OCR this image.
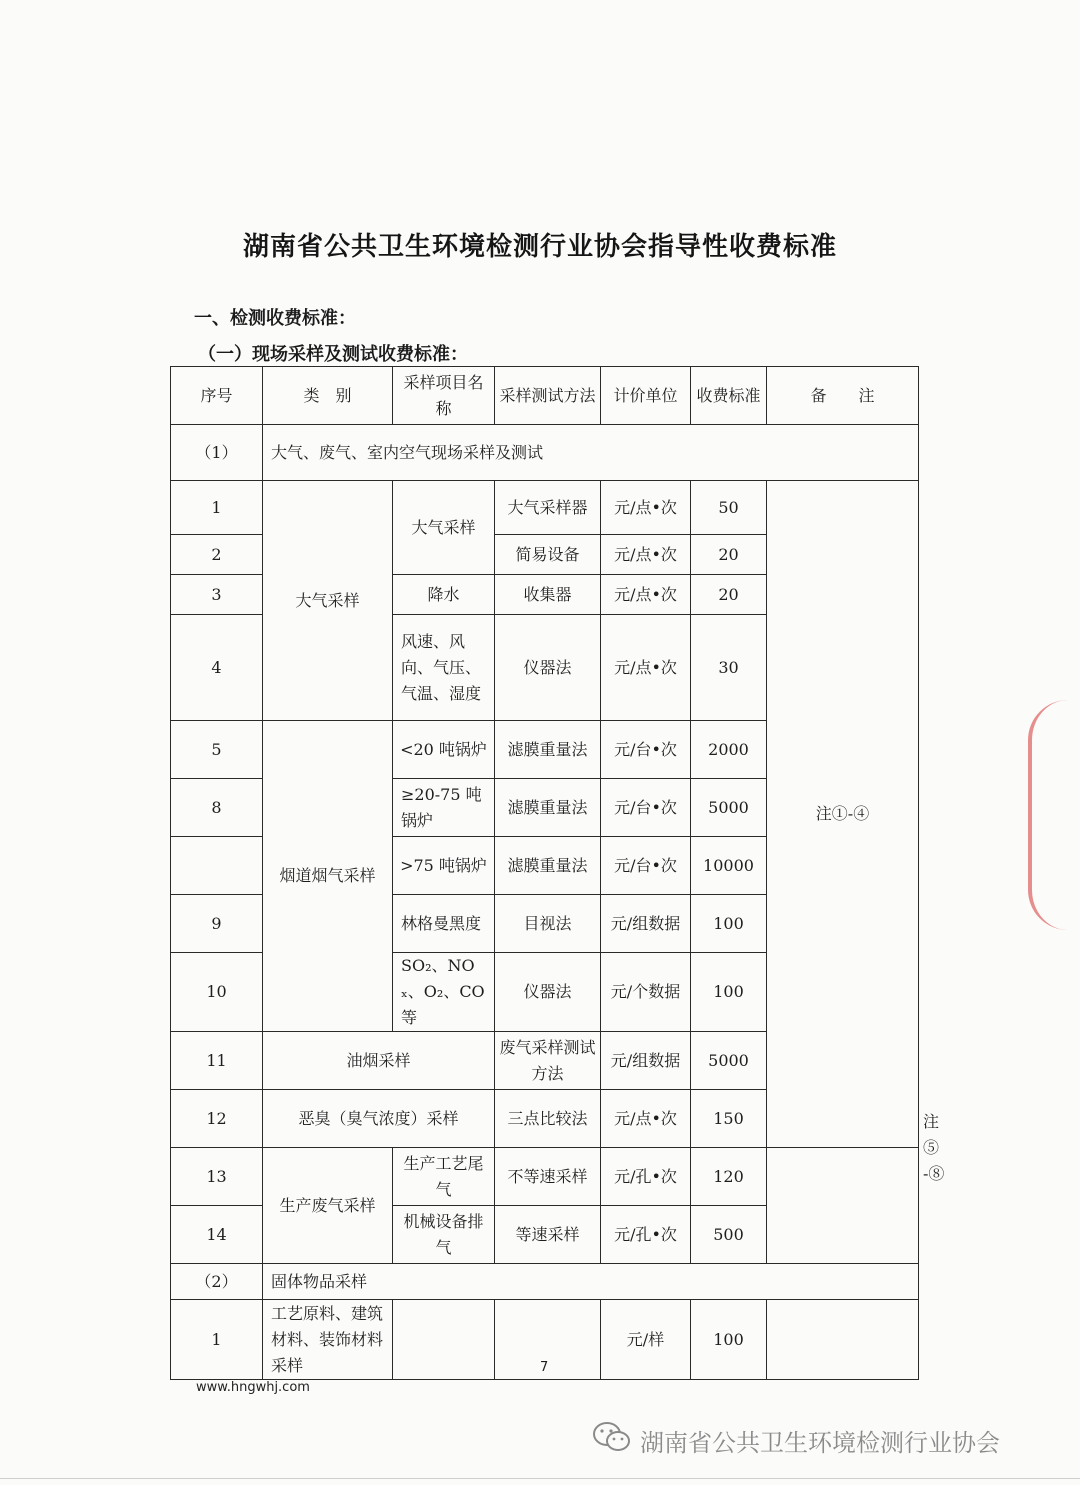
湖南省公共卫生环境检测行业协会指导性收费标准
一、检测收费标准：
（一）现场采样及测试收费标准：
序号	类　别	采样项目名称	采样测试方法	计价单位	收费标准	备　　注	
（1）	大气、废气、室内空气现场采样及测试						
1	大气采样	大气采样	大气采样器	元/点•次	50	注①-④	
2			简易设备	元/点•次	20		
3		降水	收集器	元/点•次	20		
4		风速、风向、气压、气温、湿度	仪器法	元/点•次	30		
5	烟道烟气采样	<20 吨锅炉	滤膜重量法	元/台•次	2000		
8		≥20-75 吨锅炉	滤膜重量法	元/台•次	5000		
		>75 吨锅炉	滤膜重量法	元/台•次	10000		
9		林格曼黑度	目视法	元/组数据	100		
10		SO₂、NOₓ、O₂、CO 等	仪器法	元/个数据	100		
11	油烟采样		废气采样测试方法	元/组数据	5000		注⑤-⑧
12	恶臭（臭气浓度）采样		三点比较法	元/点•次	150		
13	生产废气采样	生产工艺尾气	不等速采样	元/孔•次	120		
14		机械设备排气	等速采样	元/孔•次	500		
（2）	固体物品采样						
1	工艺原料、建筑材料、装饰材料采样			元/样	100		
7
www.hngwhj.com
湖南省公共卫生环境检测行业协会
